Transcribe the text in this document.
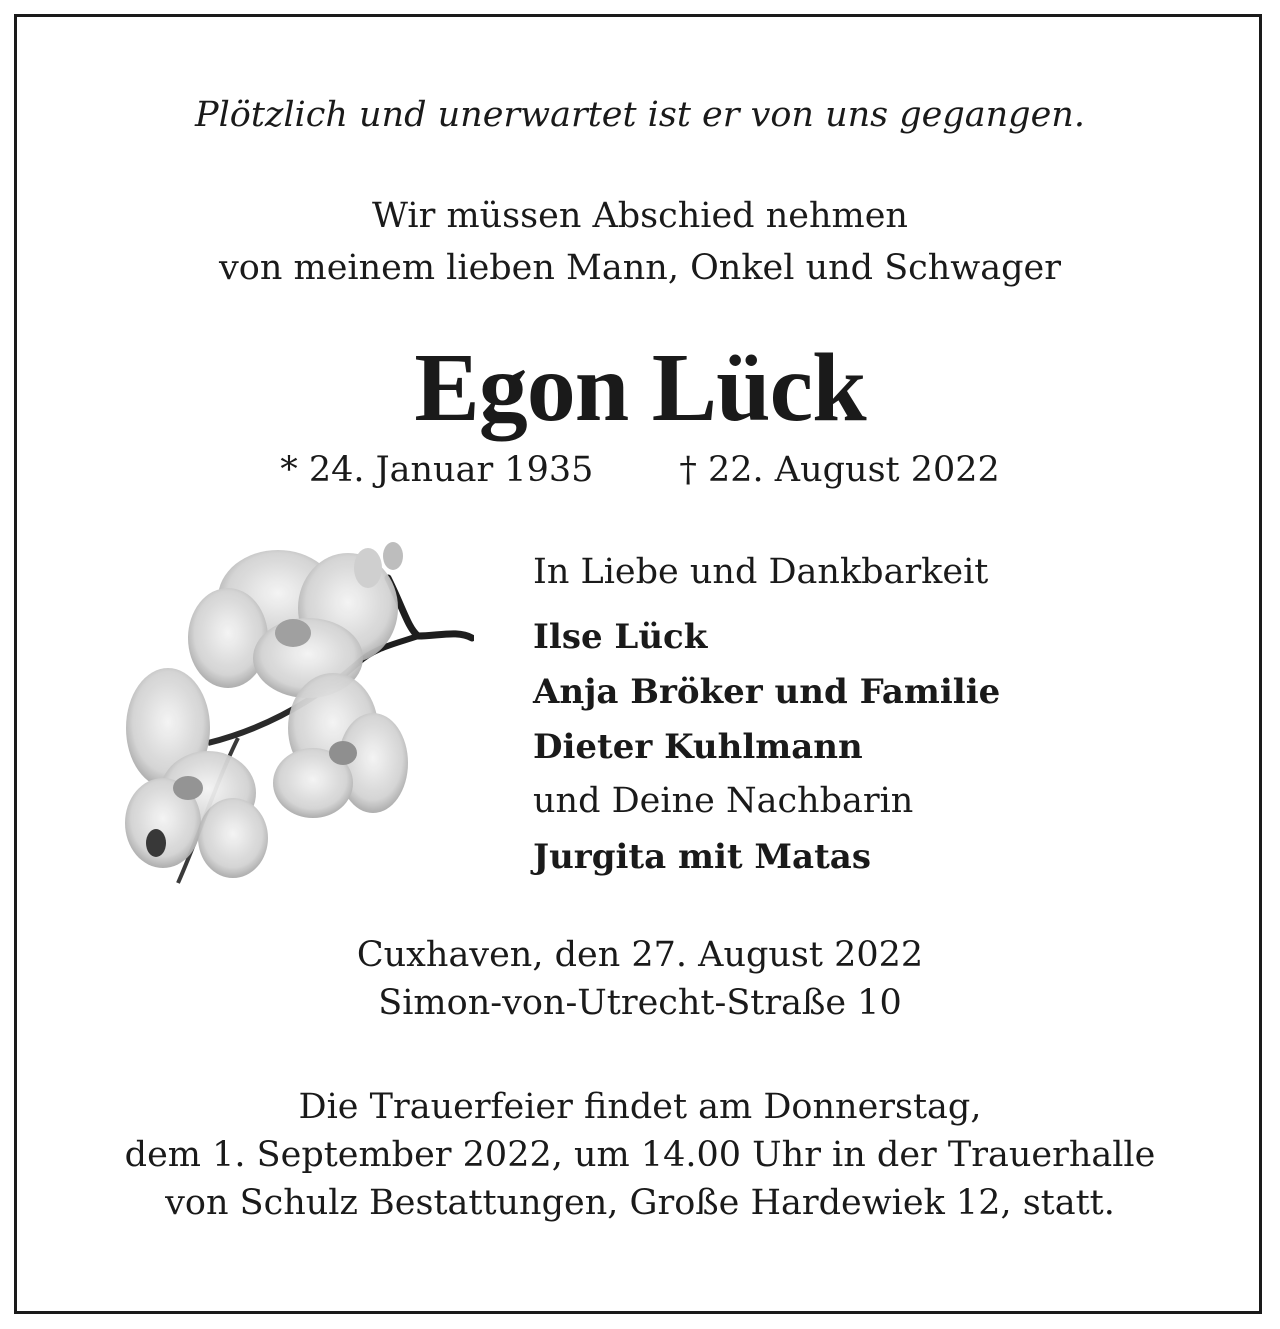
Plötzlich und unerwartet ist er von uns gegangen.
Wir müssen Abschied nehmen
von meinem lieben Mann, Onkel und Schwager
Egon Lück
* 24. Januar 1935 † 22. August 2022
In Liebe und Dankbarkeit
Ilse Lück
Anja Bröker und Familie
Dieter Kuhlmann
und Deine Nachbarin
Jurgita mit Matas
Cuxhaven, den 27. August 2022
Simon-von-Utrecht-Straße 10
Die Trauerfeier findet am Donnerstag,
dem 1. September 2022, um 14.00 Uhr in der Trauerhalle
von Schulz Bestattungen, Große Hardewiek 12, statt.
